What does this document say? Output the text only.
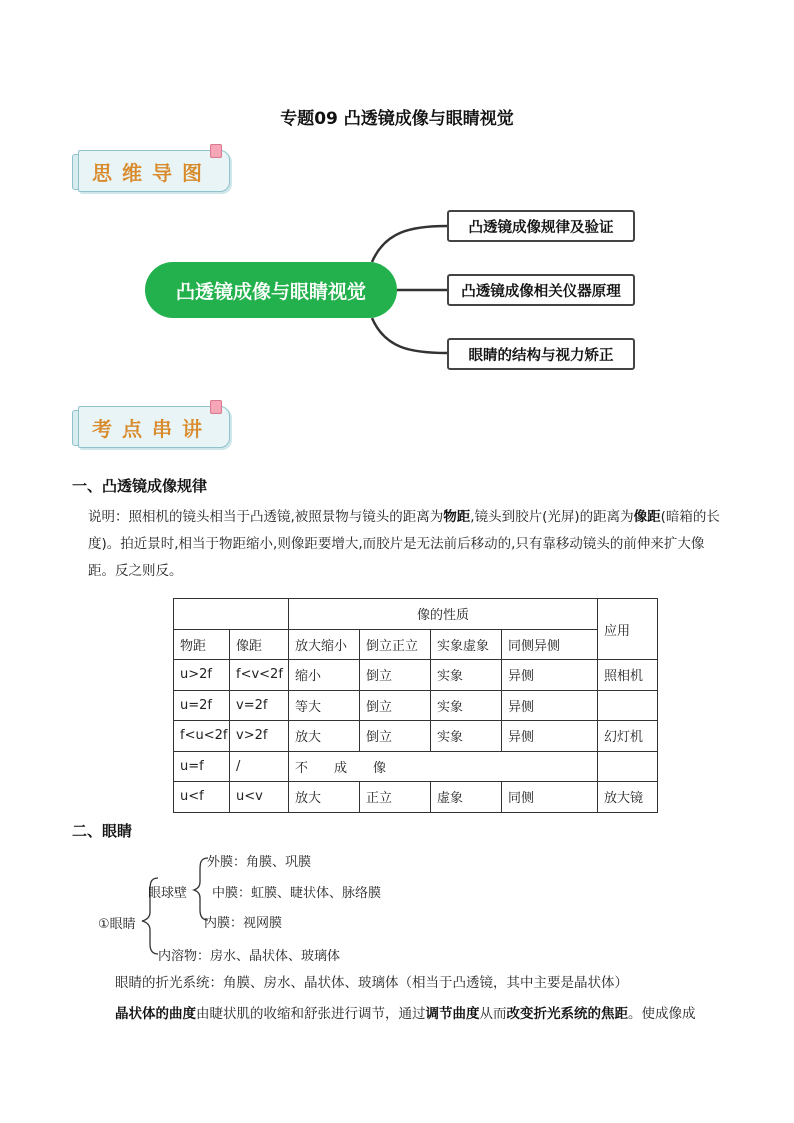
专题09 凸透镜成像与眼睛视觉
思维导图
凸透镜成像与眼睛视觉
凸透镜成像规律及验证
凸透镜成像相关仪器原理
眼睛的结构与视力矫正
考点串讲
一、凸透镜成像规律
说明：照相机的镜头相当于凸透镜,被照景物与镜头的距离为物距,镜头到胶片(光屏)的距离为像距(暗箱的长度)。拍近景时,相当于物距缩小,则像距要增大,而胶片是无法前后移动的,只有靠移动镜头的前伸来扩大像距。反之则反。
		像的性质				应用
物距	像距	放大缩小	倒立正立	实象虚象	同侧异侧	
u>2f	f<v<2f	缩小	倒立	实象	异侧	照相机
u=2f	v=2f	等大	倒立	实象	异侧	
f<u<2f	v>2f	放大	倒立	实象	异侧	幻灯机
u=f	/	不　　成　　像				
u<f	u<v	放大	正立	虚象	同侧	放大镜
二、眼睛
①眼睛
眼球壁
外膜：角膜、巩膜
中膜：虹膜、睫状体、脉络膜
内膜：视网膜
内溶物：房水、晶状体、玻璃体
眼睛的折光系统：角膜、房水、晶状体、玻璃体（相当于凸透镜，其中主要是晶状体）
晶状体的曲度由睫状肌的收缩和舒张进行调节，通过调节曲度从而改变折光系统的焦距。使成像成
